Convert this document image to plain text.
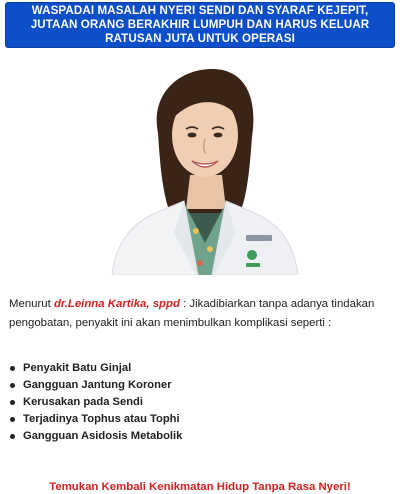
WASPADAI MASALAH NYERI SENDI DAN SYARAF KEJEPIT, JUTAAN ORANG BERAKHIR LUMPUH DAN HARUS KELUAR RATUSAN JUTA UNTUK OPERASI
Menurut dr.Leinna Kartika, sppd : Jikadibiarkan tanpa adanya tindakan pengobatan, penyakit ini akan menimbulkan komplikasi seperti :
Penyakit Batu Ginjal
Gangguan Jantung Koroner
Kerusakan pada Sendi
Terjadinya Tophus atau Tophi
Gangguan Asidosis Metabolik
Temukan Kembali Kenikmatan Hidup Tanpa Rasa Nyeri!
